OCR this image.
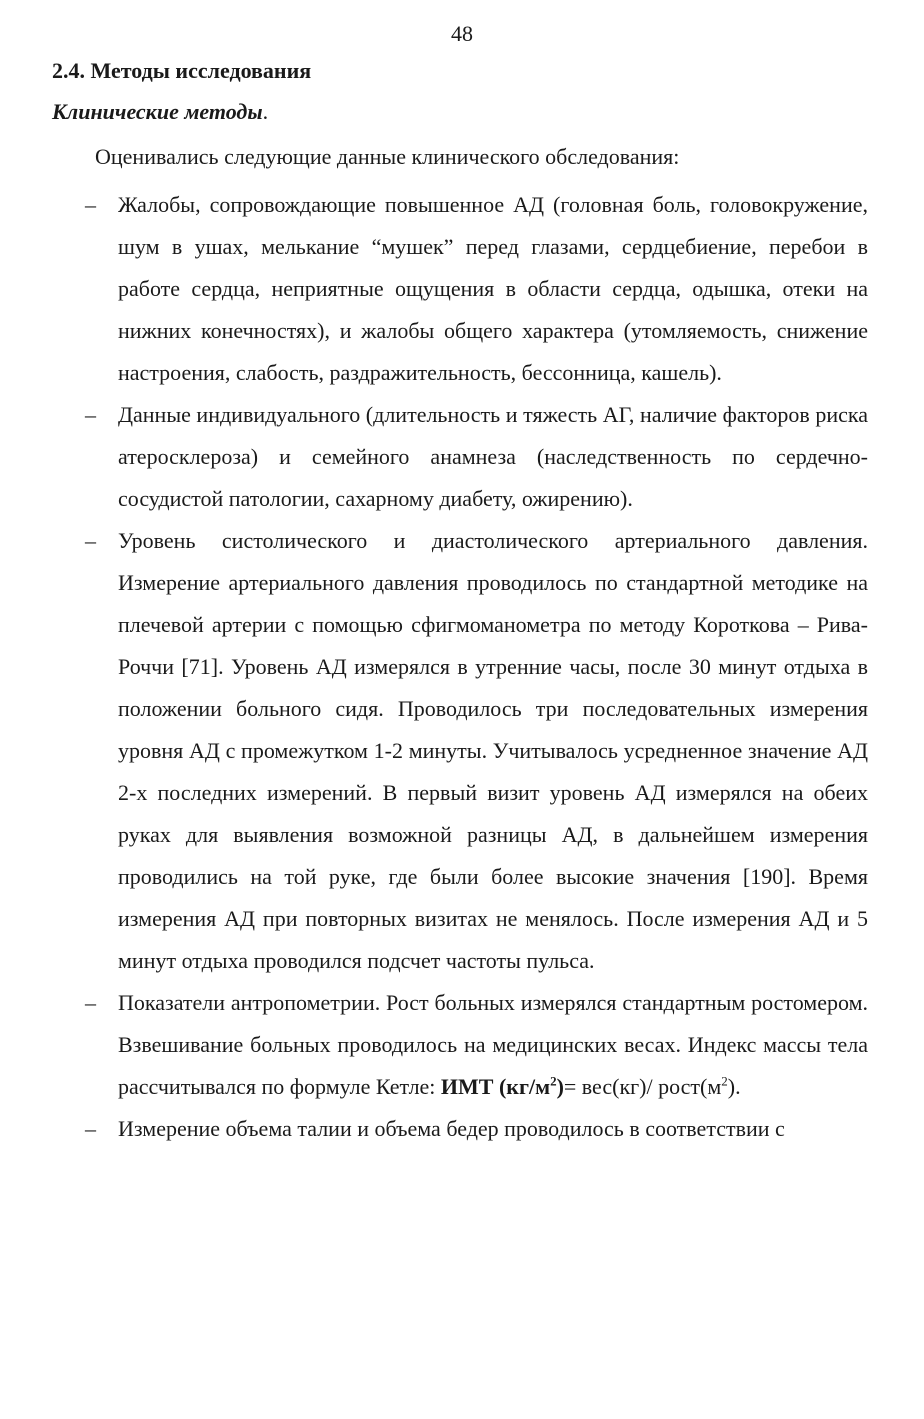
48
2.4. Методы исследования
Клинические методы.
Оценивались следующие данные клинического обследования:
– Жалобы, сопровождающие повышенное АД (головная боль, головокружение, шум в ушах, мелькание “мушек” перед глазами, сердцебиение, перебои в работе сердца, неприятные ощущения в области сердца, одышка, отеки на нижних конечностях), и жалобы общего характера (утомляемость, снижение настроения, слабость, раздражительность, бессонница, кашель).
– Данные индивидуального (длительность и тяжесть АГ, наличие факторов риска атеросклероза) и семейного анамнеза (наследственность по сердечно-сосудистой патологии, сахарному диабету, ожирению).
– Уровень систолического и диастолического артериального давления. Измерение артериального давления проводилось по стандартной методике на плечевой артерии с помощью сфигмоманометра по методу Короткова – Рива-Роччи [71]. Уровень АД измерялся в утренние часы, после 30 минут отдыха в положении больного сидя. Проводилось три последовательных измерения уровня АД с промежутком 1-2 минуты. Учитывалось усредненное значение АД 2-х последних измерений. В первый визит уровень АД измерялся на обеих руках для выявления возможной разницы АД, в дальнейшем измерения проводились на той руке, где были более высокие значения [190]. Время измерения АД при повторных визитах не менялось. После измерения АД и 5 минут отдыха проводился подсчет частоты пульса.
– Показатели антропометрии. Рост больных измерялся стандартным ростомером. Взвешивание больных проводилось на медицинских весах. Индекс массы тела рассчитывался по формуле Кетле: ИМТ $(кг/м^2)= вес(кг)/$ $рост(м^2)$.
– Измерение объема талии и объема бедер проводилось в соответствии с
